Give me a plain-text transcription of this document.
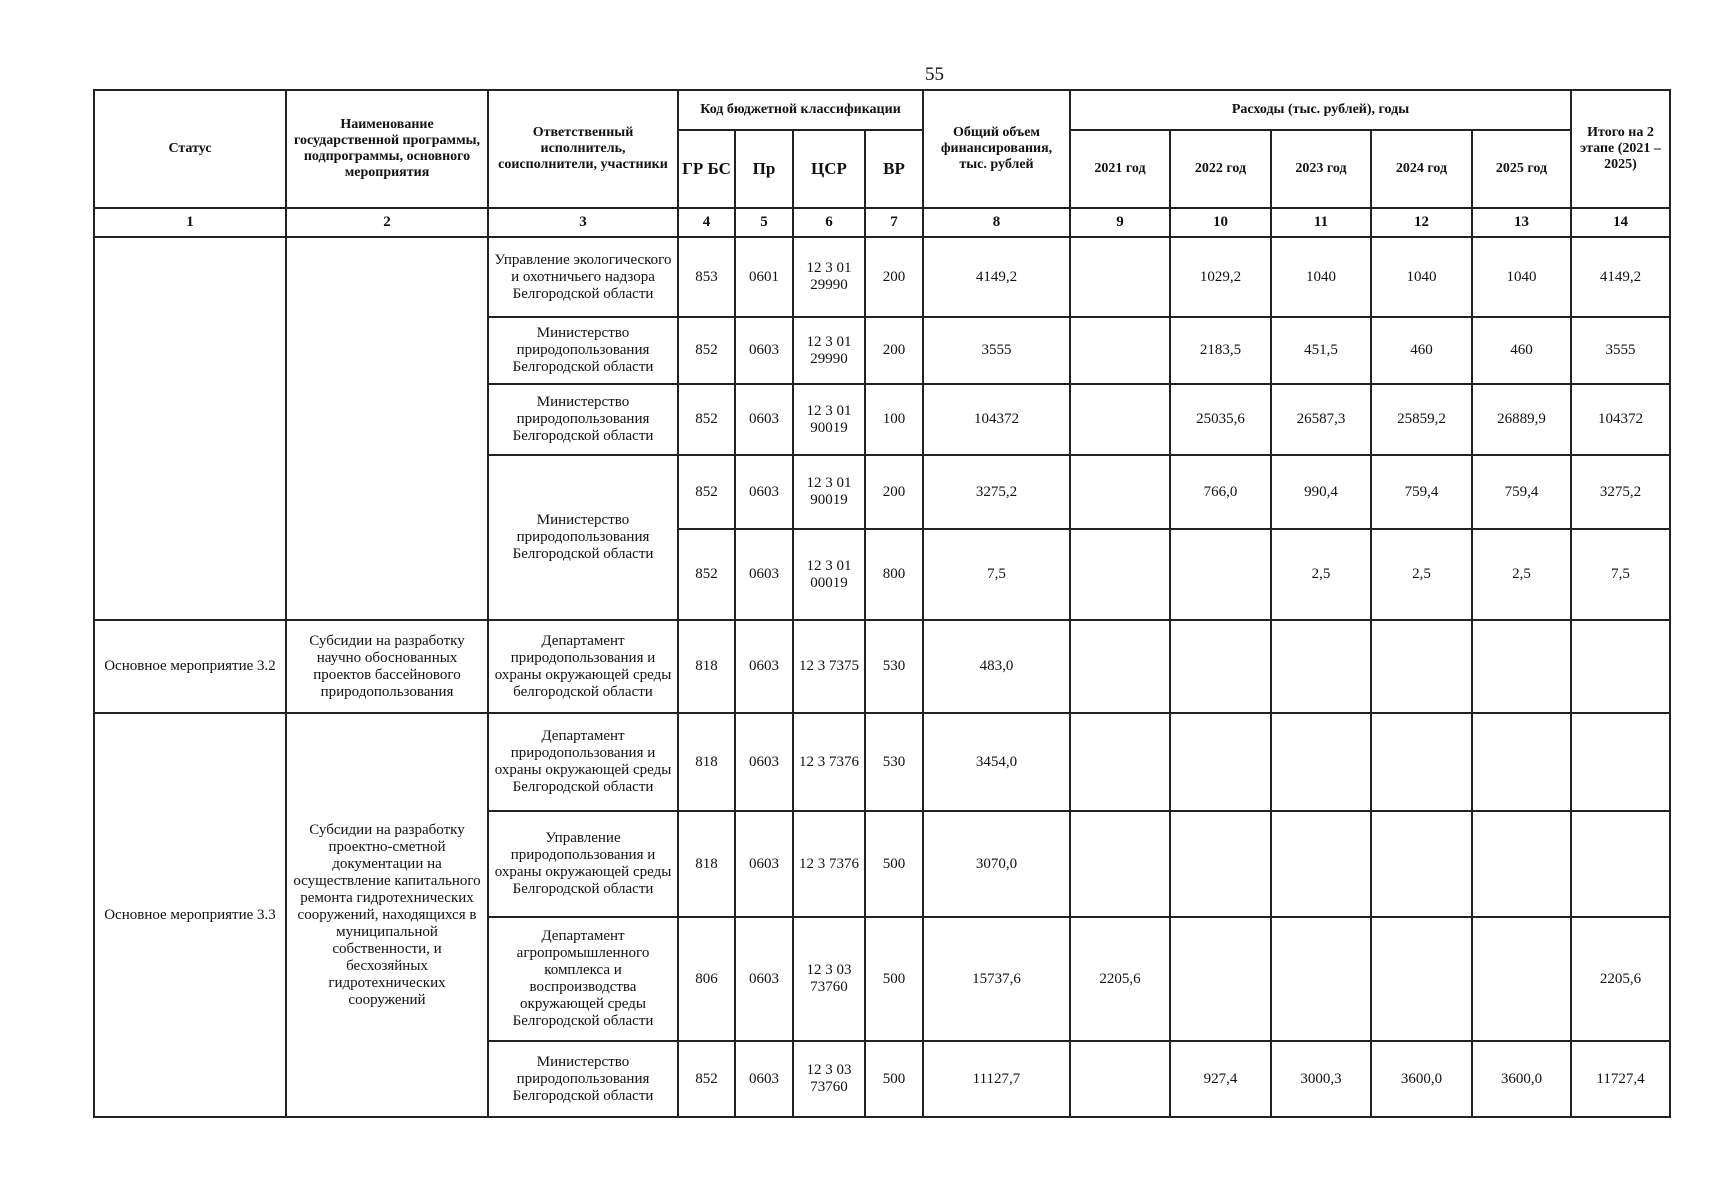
55
Статус	Наименование государственной программы, подпрограммы, основного мероприятия	Ответственный исполнитель, соисполнители, участники	Код бюджетной классификации				Общий объем финансирования, тыс. рублей	Расходы (тыс. рублей), годы					Итого на 2 этапе (2021 – 2025)
			ГР БС	Пр	ЦСР	ВР		2021 год	2022 год	2023 год	2024 год	2025 год	
1	2	3	4	5	6	7	8	9	10	11	12	13	14
		Управление экологического и охотничьего надзора Белгородской области	853	0601	12 3 01 29990	200	4149,2		1029,2	1040	1040	1040	4149,2
		Министерство природопользования Белгородской области	852	0603	12 3 01 29990	200	3555		2183,5	451,5	460	460	3555
		Министерство природопользования Белгородской области	852	0603	12 3 01 90019	100	104372		25035,6	26587,3	25859,2	26889,9	104372
		Министерство природопользования Белгородской области	852	0603	12 3 01 90019	200	3275,2		766,0	990,4	759,4	759,4	3275,2
			852	0603	12 3 01 00019	800	7,5			2,5	2,5	2,5	7,5
Основное мероприятие 3.2	Субсидии на разработку научно обоснованных проектов бассейнового природопользования	Департамент природопользования и охраны окружающей среды белгородской области	818	0603	12 3 7375	530	483,0						
Основное мероприятие 3.3	Субсидии на разработку проектно-сметной документации на осуществление капитального ремонта гидротехнических сооружений, находящихся в муниципальной собственности, и бесхозяйных гидротехнических сооружений	Департамент природопользования и охраны окружающей среды Белгородской области	818	0603	12 3 7376	530	3454,0						
		Управление природопользования и охраны окружающей среды Белгородской области	818	0603	12 3 7376	500	3070,0						
		Департамент агропромышленного комплекса и воспроизводства окружающей среды Белгородской области	806	0603	12 3 03 73760	500	15737,6	2205,6					2205,6
		Министерство природопользования Белгородской области	852	0603	12 3 03 73760	500	11127,7		927,4	3000,3	3600,0	3600,0	11727,4
